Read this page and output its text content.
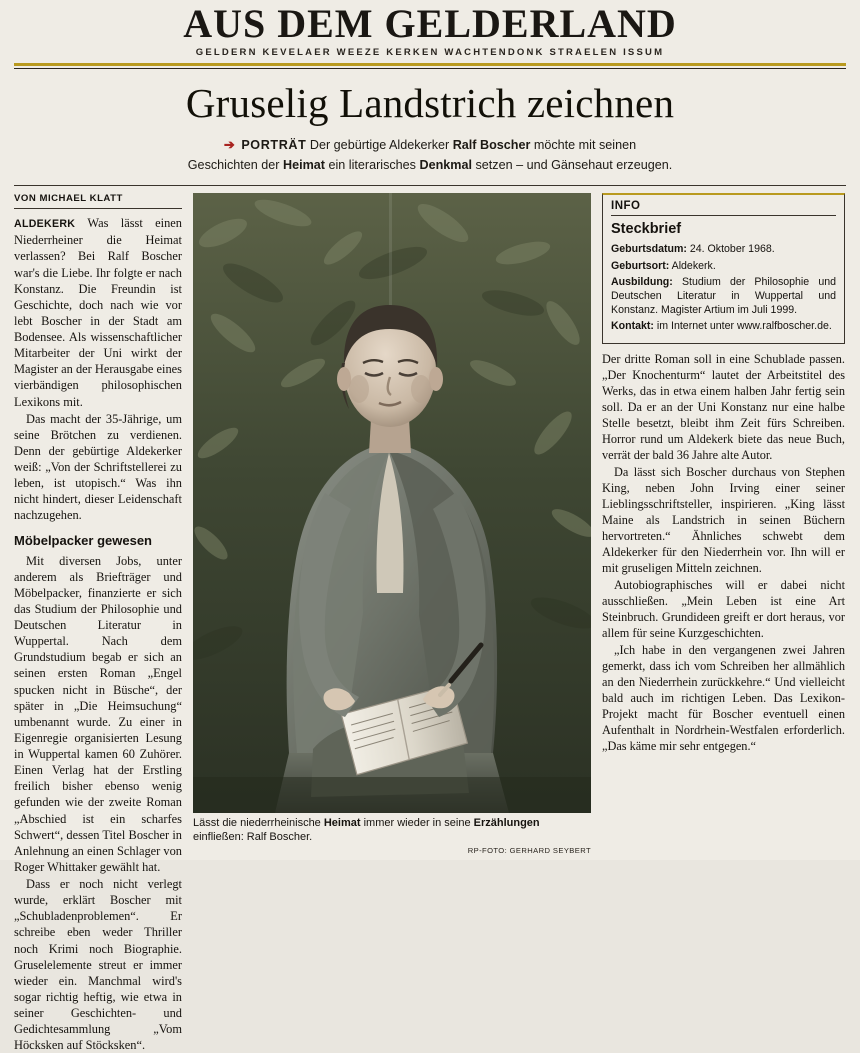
AUS DEM GELDERLAND
GELDERN KEVELAER WEEZE KERKEN WACHTENDONK STRAELEN ISSUM
Gruselig Landstrich zeichnen
➔ PORTRÄT Der gebürtige Aldekerker Ralf Boscher möchte mit seinen
Geschichten der Heimat ein literarisches Denkmal setzen – und Gänsehaut erzeugen.
VON MICHAEL KLATT

ALDEKERK Was lässt einen Niederrheiner die Heimat verlassen? Bei Ralf Boscher war's die Liebe. Ihr folgte er nach Konstanz. Die Freundin ist Geschichte, doch nach wie vor lebt Boscher in der Stadt am Bodensee. Als wissenschaftlicher Mitarbeiter der Uni wirkt der Magister an der Herausgabe eines vierbändigen philosophischen Lexikons mit.

Das macht der 35-Jährige, um seine Brötchen zu verdienen. Denn der gebürtige Aldekerker weiß: „Von der Schriftstellerei zu leben, ist utopisch.“ Was ihn nicht hindert, dieser Leidenschaft nachzugehen.

Möbelpacker gewesen

Mit diversen Jobs, unter anderem als Briefträger und Möbelpacker, finanzierte er sich das Studium der Philosophie und Deutschen Literatur in Wuppertal. Nach dem Grundstudium begab er sich an seinen ersten Roman „Engel spucken nicht in Büsche“, der später in „Die Heimsuchung“ umbenannt wurde. Zu einer in Eigenregie organisierten Lesung in Wuppertal kamen 60 Zuhörer. Einen Verlag hat der Erstling freilich bisher ebenso wenig gefunden wie der zweite Roman „Abschied ist ein scharfes Schwert“, dessen Titel Boscher in Anlehnung an einen Schlager von Roger Whittaker gewählt hat.

Dass er noch nicht verlegt wurde, erklärt Boscher mit „Schubladenproblemen“. Er schreibe eben weder Thriller noch Krimi noch Biographie. Gruselelemente streut er immer wieder ein. Manchmal wird's sogar richtig heftig, wie etwa in seiner Geschichten- und Gedichtesammlung „Vom Höcksken auf Stöcksken“.

Lässt die niederrheinische Heimat immer wieder in seine Erzählungen einfließen: Ralf Boscher.
RP-FOTO: GERHARD SEYBERT
INFO
Steckbrief

Geburtsdatum: 24. Oktober 1968.

Geburtsort: Aldekerk.

Ausbildung: Studium der Philosophie und Deutschen Literatur in Wuppertal und Konstanz. Magister Artium im Juli 1999.

Kontakt: im Internet unter www.ralfboscher.de.

Der dritte Roman soll in eine Schublade passen. „Der Knochenturm“ lautet der Arbeitstitel des Werks, das in etwa einem halben Jahr fertig sein soll. Da er an der Uni Konstanz nur eine halbe Stelle besetzt, bleibt ihm Zeit fürs Schreiben. Horror rund um Aldekerk biete das neue Buch, verrät der bald 36 Jahre alte Autor.

Da lässt sich Boscher durchaus von Stephen King, neben John Irving einer seiner Lieblingsschriftsteller, inspirieren. „King lässt Maine als Landstrich in seinen Büchern hervortreten.“ Ähnliches schwebt dem Aldekerker für den Niederrhein vor. Ihn will er mit gruseligen Mitteln zeichnen.

Autobiographisches will er dabei nicht ausschließen. „Mein Leben ist eine Art Steinbruch. Grundideen greift er dort heraus, vor allem für seine Kurzgeschichten.

„Ich habe in den vergangenen zwei Jahren gemerkt, dass ich vom Schreiben her allmählich an den Niederrhein zurückkehre.“ Und vielleicht bald auch im richtigen Leben. Das Lexikon-Projekt macht für Boscher eventuell einen Aufenthalt in Nordrhein-Westfalen erforderlich. „Das käme mir sehr entgegen.“
